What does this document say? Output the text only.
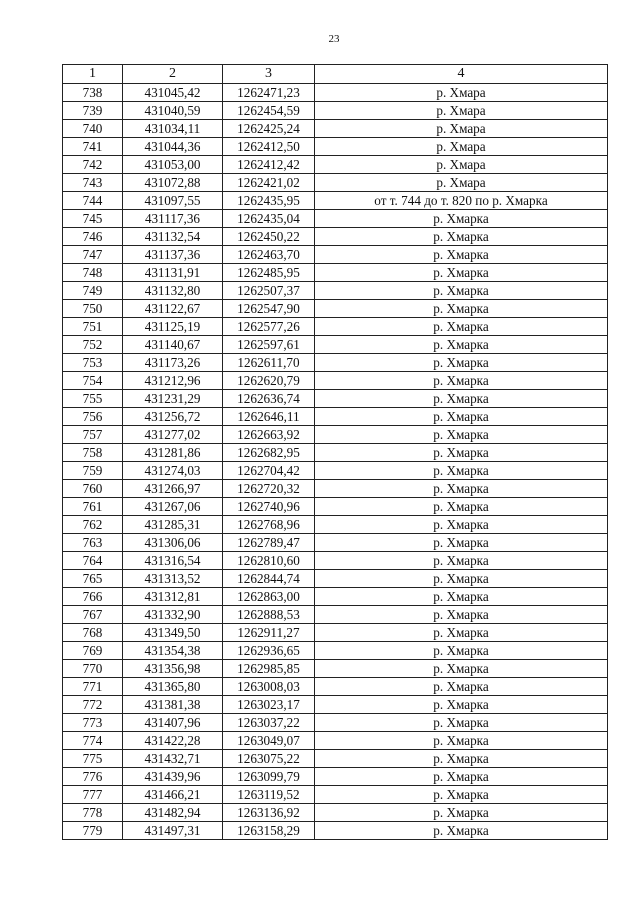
23
1	2	3	4
738	431045,42	1262471,23	р. Хмара
739	431040,59	1262454,59	р. Хмара
740	431034,11	1262425,24	р. Хмара
741	431044,36	1262412,50	р. Хмара
742	431053,00	1262412,42	р. Хмара
743	431072,88	1262421,02	р. Хмара
744	431097,55	1262435,95	от т. 744 до т. 820 по р. Хмарка
745	431117,36	1262435,04	р. Хмарка
746	431132,54	1262450,22	р. Хмарка
747	431137,36	1262463,70	р. Хмарка
748	431131,91	1262485,95	р. Хмарка
749	431132,80	1262507,37	р. Хмарка
750	431122,67	1262547,90	р. Хмарка
751	431125,19	1262577,26	р. Хмарка
752	431140,67	1262597,61	р. Хмарка
753	431173,26	1262611,70	р. Хмарка
754	431212,96	1262620,79	р. Хмарка
755	431231,29	1262636,74	р. Хмарка
756	431256,72	1262646,11	р. Хмарка
757	431277,02	1262663,92	р. Хмарка
758	431281,86	1262682,95	р. Хмарка
759	431274,03	1262704,42	р. Хмарка
760	431266,97	1262720,32	р. Хмарка
761	431267,06	1262740,96	р. Хмарка
762	431285,31	1262768,96	р. Хмарка
763	431306,06	1262789,47	р. Хмарка
764	431316,54	1262810,60	р. Хмарка
765	431313,52	1262844,74	р. Хмарка
766	431312,81	1262863,00	р. Хмарка
767	431332,90	1262888,53	р. Хмарка
768	431349,50	1262911,27	р. Хмарка
769	431354,38	1262936,65	р. Хмарка
770	431356,98	1262985,85	р. Хмарка
771	431365,80	1263008,03	р. Хмарка
772	431381,38	1263023,17	р. Хмарка
773	431407,96	1263037,22	р. Хмарка
774	431422,28	1263049,07	р. Хмарка
775	431432,71	1263075,22	р. Хмарка
776	431439,96	1263099,79	р. Хмарка
777	431466,21	1263119,52	р. Хмарка
778	431482,94	1263136,92	р. Хмарка
779	431497,31	1263158,29	р. Хмарка
